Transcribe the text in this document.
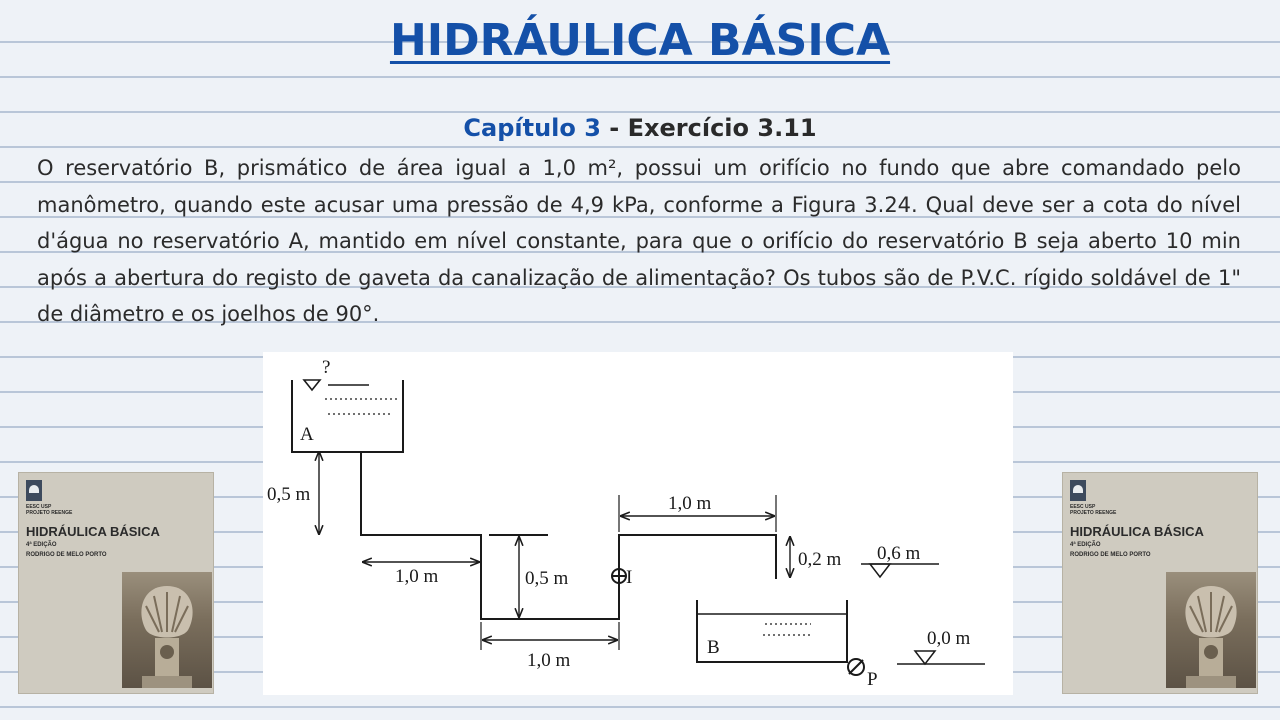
HIDRÁULICA BÁSICA
Capítulo 3 - Exercício 3.11

O reservatório B, prismático de área igual a 1,0 m², possui um orifício no fundo que abre comandado pelo manômetro, quando este acusar uma pressão de 4,9 kPa, conforme a Figura 3.24. Qual deve ser a cota do nível d'água no reservatório A, mantido em nível constante, para que o orifício do reservatório B seja aberto 10 min após a abertura do registo de gaveta da canalização de alimentação? Os tubos são de P.V.C. rígido soldável de 1" de diâmetro e os joelhos de 90°.

EESC USP
PROJETO REENGE
HIDRÁULICA BÁSICA
4ª EDIÇÃO
RODRIGO DE MELO PORTO
EESC USP
PROJETO REENGE
HIDRÁULICA BÁSICA
4ª EDIÇÃO
RODRIGO DE MELO PORTO
?
A
0,5 m
1,0 m	0,5 m	I
1,0 m
1,0 m
0,2 m 0,6 m
B	0,0 m
P
